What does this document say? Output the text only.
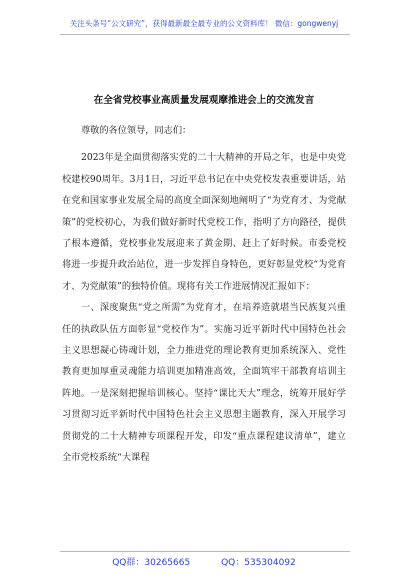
关注头条号“公文研究”，获得最新最全最专业的公文资料库！ 微信：gongwenyj
在全省党校事业高质量发展观摩推进会上的交流发言

尊敬的各位领导，同志们：

2023年是全面贯彻落实党的二十大精神的开局之年，也是中央党校建校90周年。3月1日，习近平总书记在中央党校发表重要讲话，站在党和国家事业发展全局的高度全面深刻地阐明了“为党育才、为党献策”的党校初心，为我们做好新时代党校工作，指明了方向路径，提供了根本遵循，党校事业发展迎来了黄金期、赶上了好时候。市委党校将进一步提升政治站位，进一步发挥自身特色，更好彰显党校“为党育才、为党献策”的独特价值。现将有关工作进展情况汇报如下：

一、深度聚焦“党之所需”为党育才，在培养造就堪当民族复兴重任的执政队伍方面彰显“党校作为”。实施习近平新时代中国特色社会主义思想凝心铸魂计划，全力推进党的理论教育更加系统深入、党性教育更加厚重灵魂能力培训更加精准高效，全面筑牢干部教育培训主阵地。一是深刻把握培训核心。坚持“课比天大”理念，统筹开展好学习贯彻习近平新时代中国特色社会主义思想主题教育，深入开展学习贯彻党的二十大精神专项课程开发，印发“重点课程建议清单”，建立全市党校系统“大课程

QQ群：30265665	QQ：535304092
